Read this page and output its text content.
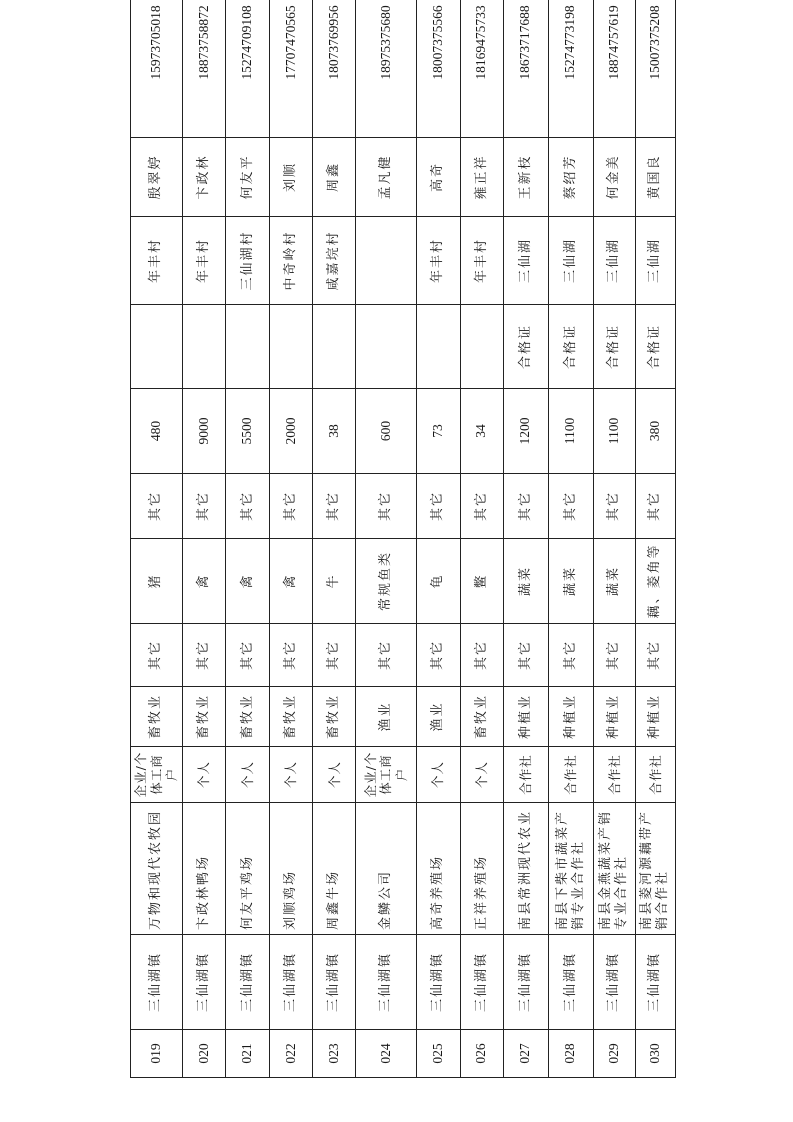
019	三仙湖镇	万物和现代农牧园	企业/个体工商户	畜牧业	其它	猪	其它	480		年丰村	殷翠婷	15973705018
020	三仙湖镇	卞政林鸭场	个人	畜牧业	其它	禽	其它	9000		年丰村	卞政林	18873758872
021	三仙湖镇	何友平鸡场	个人	畜牧业	其它	禽	其它	5500		三仙湖村	何友平	15274709108
022	三仙湖镇	刘顺鸡场	个人	畜牧业	其它	禽	其它	2000		中奇岭村	刘顺	17707470565
023	三仙湖镇	周鑫牛场	个人	畜牧业	其它	牛	其它	38		咸嘉垸村	周鑫	18073769956
024	三仙湖镇	金鳞公司	企业/个体工商户	渔业	其它	常规鱼类	其它	600			孟凡健	18975375680
025	三仙湖镇	高奇养殖场	个人	渔业	其它	龟	其它	73		年丰村	高奇	18007375566
026	三仙湖镇	正祥养殖场	个人	畜牧业	其它	鳖	其它	34		年丰村	雍正祥	18169475733
027	三仙湖镇	南县常洲现代农业	合作社	种植业	其它	蔬菜	其它	1200	合格证	三仙湖	王新枝	18673717688
028	三仙湖镇	南县下柴市蔬菜产销专业合作社	合作社	种植业	其它	蔬菜	其它	1100	合格证	三仙湖	蔡绍芳	15274773198
029	三仙湖镇	南县金燕蔬菜产销专业合作社	合作社	种植业	其它	蔬菜	其它	1100	合格证	三仙湖	何金美	18874757619
030	三仙湖镇	南县菱河源藕带产销合作社	合作社	种植业	其它	藕、菱角等	其它	380	合格证	三仙湖	黄国良	15007375208
